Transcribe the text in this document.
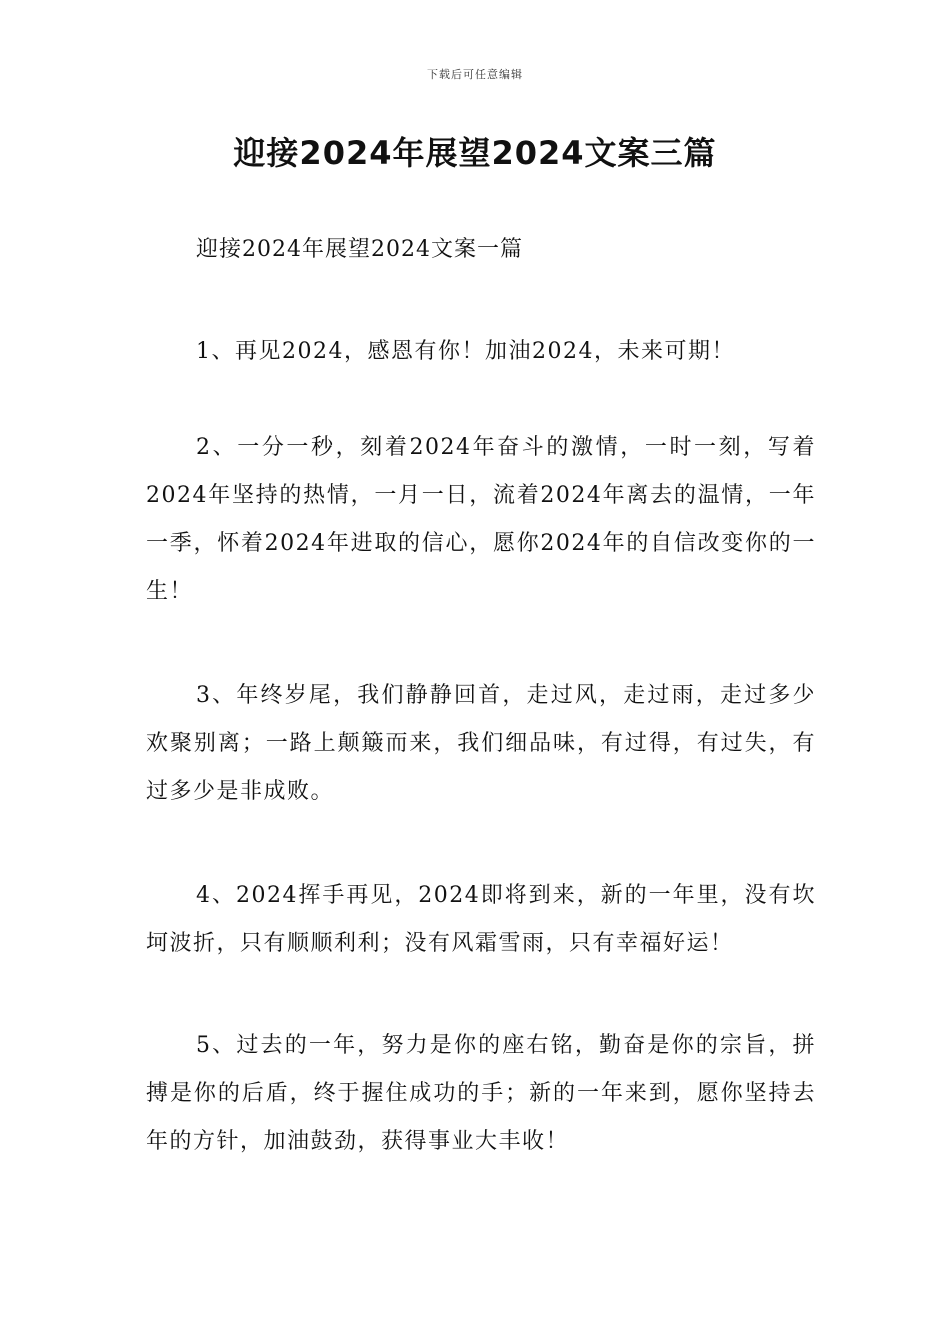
下载后可任意编辑
迎接2024年展望2024文案三篇

迎接2024年展望2024文案一篇

1、再见2024，感恩有你！加油2024，未来可期！

2、一分一秒，刻着2024年奋斗的激情，一时一刻，写着2024年坚持的热情，一月一日，流着2024年离去的温情，一年一季，怀着2024年进取的信心，愿你2024年的自信改变你的一生！

3、年终岁尾，我们静静回首，走过风，走过雨，走过多少欢聚别离；一路上颠簸而来，我们细品味，有过得，有过失，有过多少是非成败。

4、2024挥手再见，2024即将到来，新的一年里，没有坎坷波折，只有顺顺利利；没有风霜雪雨，只有幸福好运！

5、过去的一年，努力是你的座右铭，勤奋是你的宗旨，拼搏是你的后盾，终于握住成功的手；新的一年来到，愿你坚持去年的方针，加油鼓劲，获得事业大丰收！
